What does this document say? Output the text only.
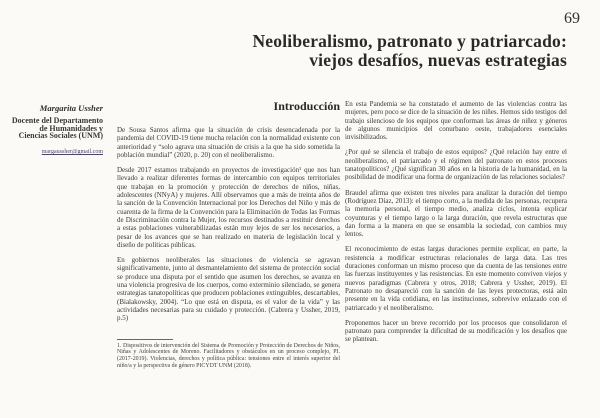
69
Neoliberalismo, patronato y patriarcado:
viejos desafíos, nuevas estrategias
Margarita Ussher
Docente del Departamento
de Humanidades y
Ciencias Sociales (UNM)
margaussher@gmail.com
Introducción

De Sousa Santos afirma que la situación de crisis desencadenada por la pandemia del COVID-19 tiene mucha relación con la normalidad existente con anterioridad y “solo agrava una situación de crisis a la que ha sido sometida la población mundial” (2020, p. 20) con el neoliberalismo.

Desde 2017 estamos trabajando en proyectos de investigación¹ que nos han llevado a realizar diferentes formas de intercambio con equipos territoriales que trabajan en la promoción y protección de derechos de niños, niñas, adolescentes (NNyA) y mujeres. Allí observamos que a más de treinta años de la sanción de la Convención Internacional por los Derechos del Niño y más de cuarenta de la firma de la Convención para la Eliminación de Todas las Formas de Discriminación contra la Mujer, los recursos destinados a restituir derechos a estas poblaciones vulnerabilizadas están muy lejos de ser los necesarios, a pesar de los avances que se han realizado en materia de legislación local y diseño de políticas públicas.

En gobiernos neoliberales las situaciones de violencia se agravan significativamente, junto al desmantelamiento del sistema de protección social se produce una disputa por el sentido que asumen los derechos, se avanza en una violencia progresiva de los cuerpos, como exterminio silenciado, se genera estrategias tanatopolíticas que producen poblaciones extinguibles, descartables, (Bialakowsky, 2004). “Lo que está en disputa, es el valor de la vida” y las actividades necesarias para su cuidado y protección. (Cabrera y Ussher, 2019, p.5)

1. Dispositivos de intervención del Sistema de Promoción y Protección de Derechos de Niños, Niñas y Adolescentes de Moreno. Facilitadores y obstáculos en un proceso complejo, PI. (2017-2019). Violencias, derechos y política pública: tensiones entre el interés superior del niño/a y la perspectiva de género PICYDT UNM (2018).

En esta Pandemia se ha constatado el aumento de las violencias contra las mujeres, pero poco se dice de la situación de les niñes. Hemos sido testigos del trabajo silencioso de los equipos que conforman las áreas de niñez y géneros de algunos municipios del conurbano oeste, trabajadores esenciales invisibilizados.

¿Por qué se silencia el trabajo de estos equipos? ¿Qué relación hay entre el neoliberalismo, el patriarcado y el régimen del patronato en estos procesos tanatopolíticos? ¿Qué significan 30 años en la historia de la humanidad, en la posibilidad de modificar una forma de organización de las relaciones sociales?

Braudel afirma que existen tres niveles para analizar la duración del tiempo (Rodríguez Díaz, 2013): el tiempo corto, a la medida de las personas, recupera la memoria personal, el tiempo medio, analiza ciclos, intenta explicar coyunturas y el tiempo largo o la larga duración, que revela estructuras que dan forma a la manera en que se ensambla la sociedad, con cambios muy lentos.

El reconocimiento de estas largas duraciones permite explicar, en parte, la resistencia a modificar estructuras relacionales de larga data. Las tres duraciones conforman un mismo proceso que da cuenta de las tensiones entre las fuerzas instituyentes y las resistencias. En este momento conviven viejos y nuevos paradigmas (Cabrera y otros, 2018; Cabrera y Ussher, 2019). El Patronato no desapareció con la sanción de las leyes protectoras, está aún presente en la vida cotidiana, en las instituciones, sobrevive enlazado con el patriarcado y el neoliberalismo.

Proponemos hacer un breve recorrido por los procesos que consolidaron el patronato para comprender la dificultad de su modificación y los desafíos que se plantean.
